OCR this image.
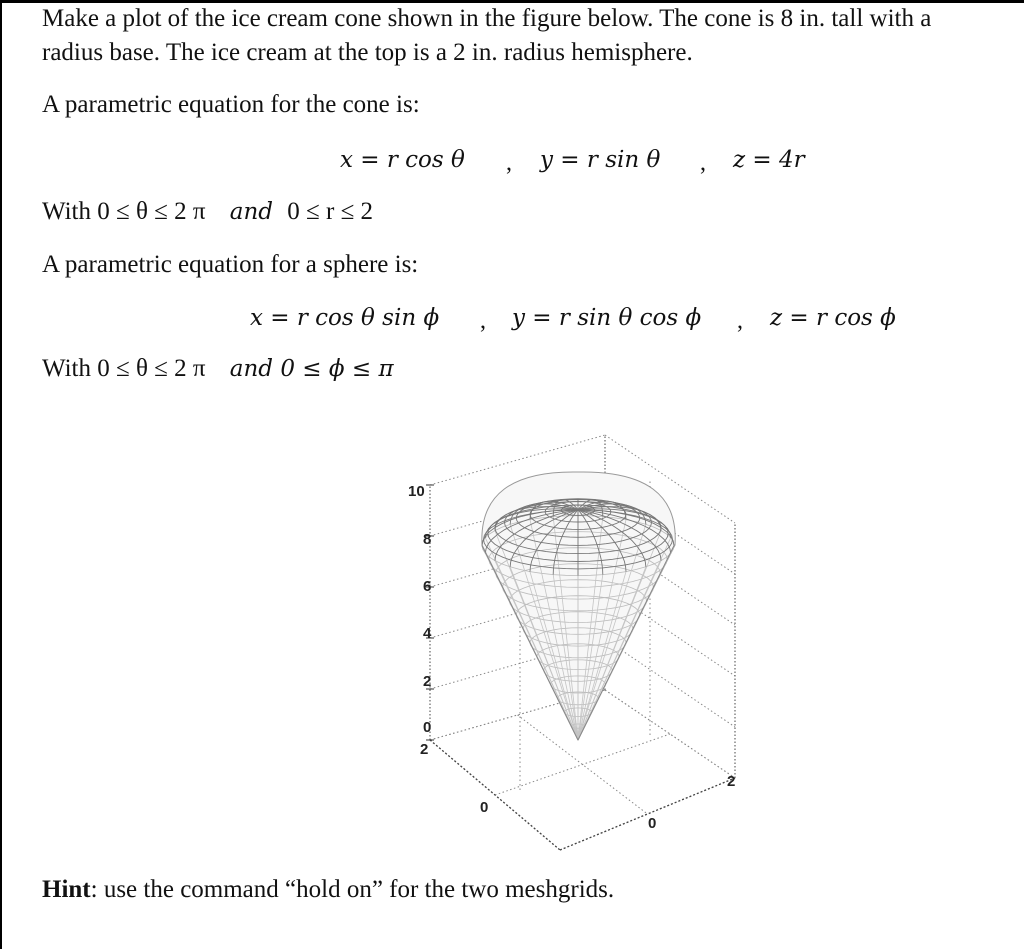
Make a plot of the ice cream cone shown in the figure below. The cone is 8 in. tall with a

radius base. The ice cream at the top is a 2 in. radius hemisphere.

A parametric equation for the cone is:

x = r cos θ , y = r sin θ , z = 4r
With 0 ≤ θ ≤ 2 π and 0 ≤ r ≤ 2

A parametric equation for a sphere is:

x = r cos θ sin ϕ , y = r sin θ cos ϕ , z = r cos ϕ
With 0 ≤ θ ≤ 2 π and 0 ≤ ϕ ≤ π
10
8
6
4
2
0
2
0
0
2
Hint: use the command “hold on” for the two meshgrids.
